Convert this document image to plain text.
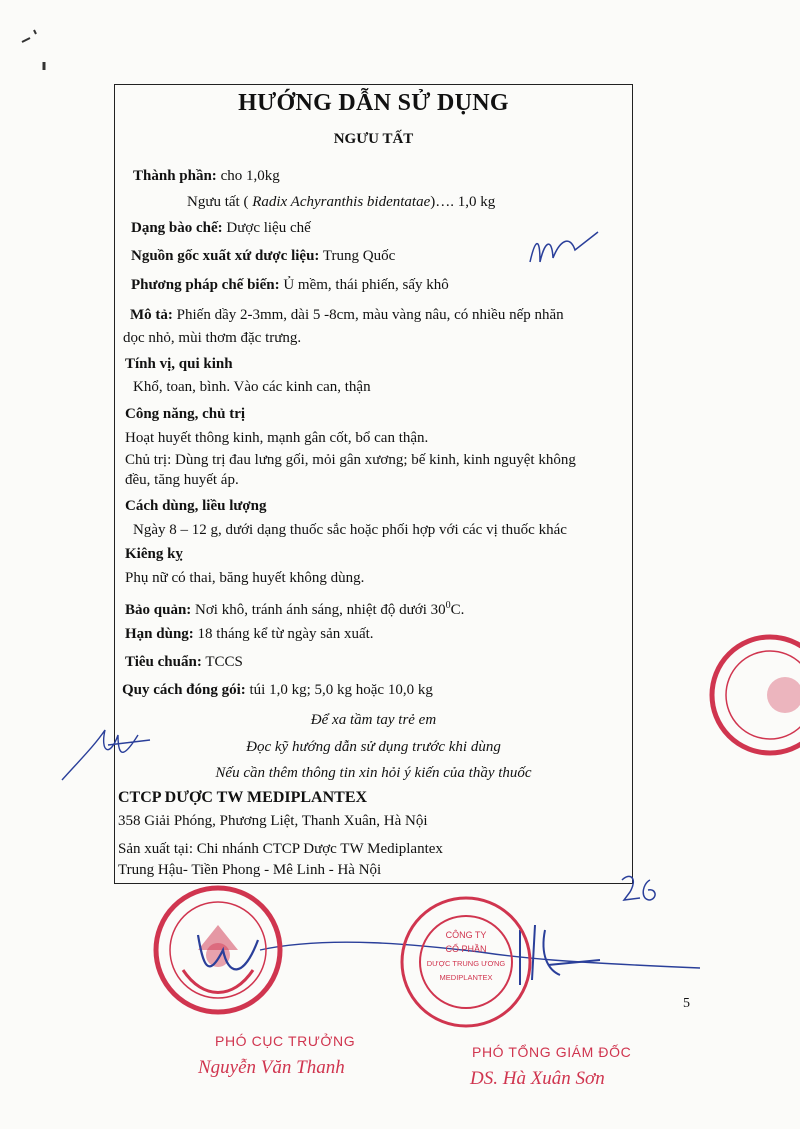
HƯỚNG DẪN SỬ DỤNG
NGƯU TẤT
Thành phần: cho 1,0kg
Ngưu tất ( Radix Achyranthis bidentatae)…. 1,0 kg
Dạng bào chế: Dược liệu chế
Nguồn gốc xuất xứ dược liệu: Trung Quốc
Phương pháp chế biến: Ủ mềm, thái phiến, sấy khô
Mô tả: Phiến dầy 2-3mm, dài 5 -8cm, màu vàng nâu, có nhiều nếp nhăn
dọc nhỏ, mùi thơm đặc trưng.
Tính vị, qui kinh
Khổ, toan, bình. Vào các kinh can, thận
Công năng, chủ trị
Hoạt huyết thông kinh, mạnh gân cốt, bổ can thận.
Chủ trị: Dùng trị đau lưng gối, mỏi gân xương; bế kinh, kinh nguyệt không
đều, tăng huyết áp.
Cách dùng, liều lượng
Ngày 8 – 12 g, dưới dạng thuốc sắc hoặc phối hợp với các vị thuốc khác
Kiêng kỵ
Phụ nữ có thai, băng huyết không dùng.
Bảo quản: Nơi khô, tránh ánh sáng, nhiệt độ dưới $30^0C$.
Hạn dùng: 18 tháng kể từ ngày sản xuất.
Tiêu chuẩn: TCCS
Quy cách đóng gói: túi 1,0 kg; 5,0 kg hoặc 10,0 kg
Để xa tầm tay trẻ em
Đọc kỹ hướng dẫn sử dụng trước khi dùng
Nếu cần thêm thông tin xin hỏi ý kiến của thầy thuốc
CTCP DƯỢC TW MEDIPLANTEX
358 Giải Phóng, Phương Liệt, Thanh Xuân, Hà Nội
Sản xuất tại: Chi nhánh CTCP Dược TW Mediplantex
Trung Hậu- Tiền Phong - Mê Linh - Hà Nội
5
CÔNG TY
CỔ PHẦN
DƯỢC TRUNG ƯƠNG
MEDIPLANTEX
PHÓ CỤC TRƯỞNG
Nguyễn Văn Thanh
PHÓ TỔNG GIÁM ĐỐC
DS. Hà Xuân Sơn
